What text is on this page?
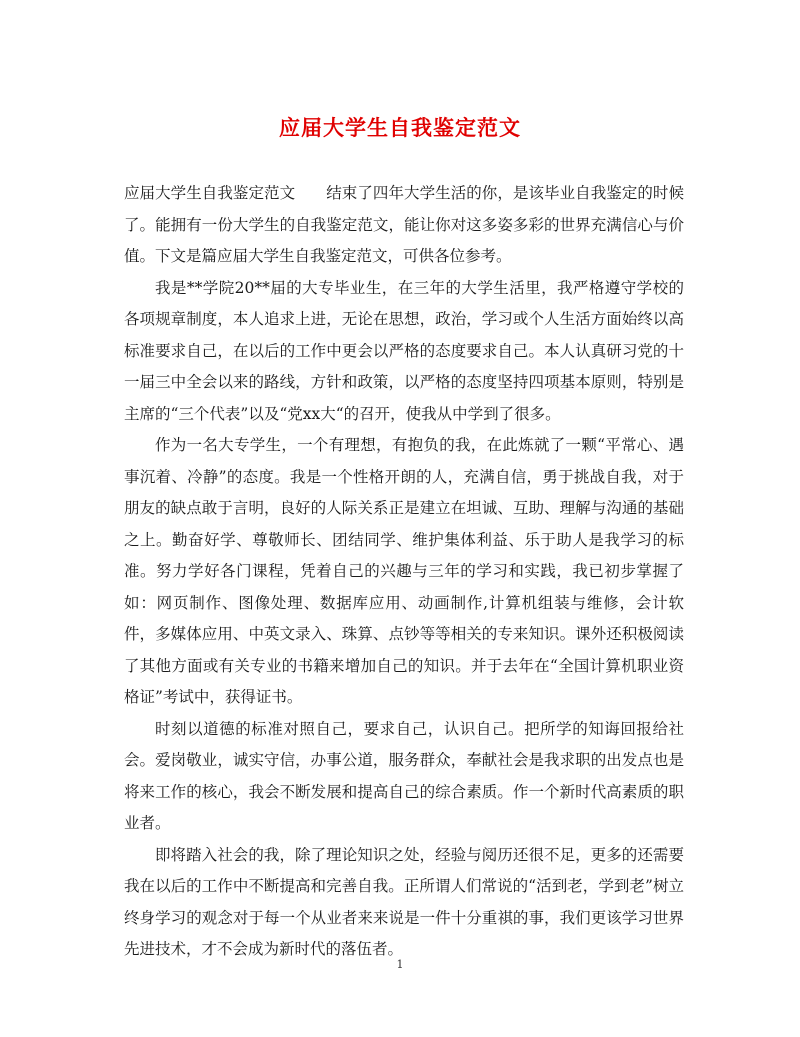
应届大学生自我鉴定范文

应届大学生自我鉴定范文　　结束了四年大学生活的你，是该毕业自我鉴定的时候了。能拥有一份大学生的自我鉴定范文，能让你对这多姿多彩的世界充满信心与价值。下文是篇应届大学生自我鉴定范文，可供各位参考。

我是**学院20**届的大专毕业生，在三年的大学生活里，我严格遵守学校的各项规章制度，本人追求上进，无论在思想，政治，学习或个人生活方面始终以高标准要求自己，在以后的工作中更会以严格的态度要求自己。本人认真研习党的十一届三中全会以来的路线，方针和政策，以严格的态度坚持四项基本原则，特别是主席的“三个代表”以及“党xx大“的召开，使我从中学到了很多。

作为一名大专学生，一个有理想，有抱负的我，在此炼就了一颗“平常心、遇事沉着、冷静”的态度。我是一个性格开朗的人，充满自信，勇于挑战自我，对于朋友的缺点敢于言明，良好的人际关系正是建立在坦诚、互助、理解与沟通的基础之上。勤奋好学、尊敬师长、团结同学、维护集体利益、乐于助人是我学习的标准。努力学好各门课程，凭着自己的兴趣与三年的学习和实践，我已初步掌握了如：网页制作、图像处理、数据库应用、动画制作,计算机组装与维修，会计软件，多媒体应用、中英文录入、珠算、点钞等等相关的专来知识。课外还积极阅读了其他方面或有关专业的书籍来增加自己的知识。并于去年在“全国计算机职业资格证”考试中，获得证书。

时刻以道德的标准对照自己，要求自己，认识自己。把所学的知诲回报给社会。爱岗敬业，诚实守信，办事公道，服务群众，奉献社会是我求职的出发点也是将来工作的核心，我会不断发展和提高自己的综合素质。作一个新时代高素质的职业者。

即将踏入社会的我，除了理论知识之处，经验与阅历还很不足，更多的还需要我在以后的工作中不断提高和完善自我。正所谓人们常说的“活到老，学到老”树立终身学习的观念对于每一个从业者来来说是一件十分重祺的事，我们更该学习世界先进技术，才不会成为新时代的落伍者。

1
